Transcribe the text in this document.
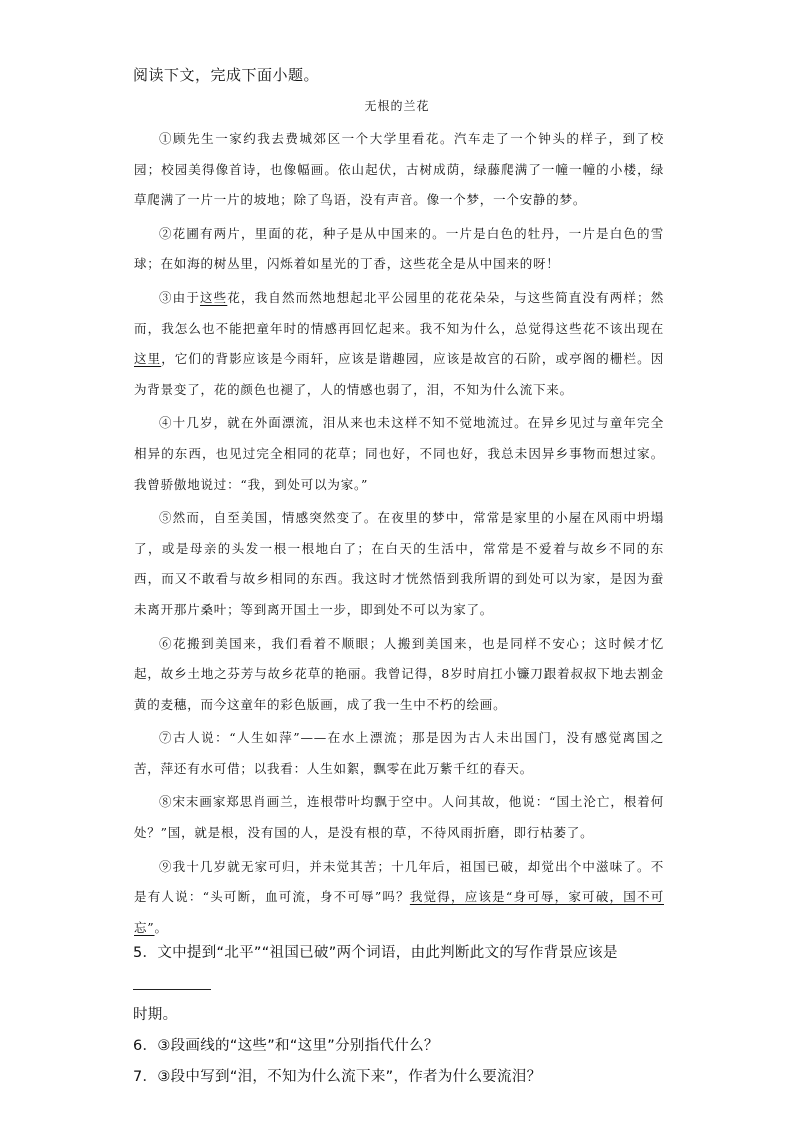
阅读下文，完成下面小题。
无根的兰花

①顾先生一家约我去费城郊区一个大学里看花。汽车走了一个钟头的样子，到了校园；校园美得像首诗，也像幅画。依山起伏，古树成荫，绿藤爬满了一幢一幢的小楼，绿草爬满了一片一片的坡地；除了鸟语，没有声音。像一个梦，一个安静的梦。

②花圃有两片，里面的花，种子是从中国来的。一片是白色的牡丹，一片是白色的雪球；在如海的树丛里，闪烁着如星光的丁香，这些花全是从中国来的呀！

③由于这些花，我自然而然地想起北平公园里的花花朵朵，与这些简直没有两样；然而，我怎么也不能把童年时的情感再回忆起来。我不知为什么，总觉得这些花不该出现在这里，它们的背影应该是今雨轩，应该是谐趣园，应该是故宫的石阶，或亭阁的栅栏。因为背景变了，花的颜色也褪了，人的情感也弱了，泪，不知为什么流下来。

④十几岁，就在外面漂流，泪从来也未这样不知不觉地流过。在异乡见过与童年完全相异的东西，也见过完全相同的花草；同也好，不同也好，我总未因异乡事物而想过家。我曾骄傲地说过：“我，到处可以为家。”

⑤然而，自至美国，情感突然变了。在夜里的梦中，常常是家里的小屋在风雨中坍塌了，或是母亲的头发一根一根地白了；在白天的生活中，常常是不爱着与故乡不同的东西，而又不敢看与故乡相同的东西。我这时才恍然悟到我所谓的到处可以为家，是因为蚕未离开那片桑叶；等到离开国土一步，即到处不可以为家了。

⑥花搬到美国来，我们看着不顺眼；人搬到美国来，也是同样不安心；这时候才忆起，故乡土地之芬芳与故乡花草的艳丽。我曾记得，8岁时肩扛小镰刀跟着叔叔下地去割金黄的麦穗，而今这童年的彩色版画，成了我一生中不朽的绘画。

⑦古人说：“人生如萍”——在水上漂流；那是因为古人未出国门，没有感觉离国之苦，萍还有水可借；以我看：人生如絮，飘零在此万紫千红的春天。

⑧宋末画家郑思肖画兰，连根带叶均飘于空中。人问其故，他说：“国土沦亡，根着何处？”国，就是根，没有国的人，是没有根的草，不待风雨折磨，即行枯萎了。

⑨我十几岁就无家可归，并未觉其苦；十几年后，祖国已破，却觉出个中滋味了。不是有人说：“头可断，血可流，身不可辱”吗？我觉得，应该是“身可辱，家可破，国不可忘”。

5．文中提到“北平”“祖国已破”两个词语，由此判断此文的写作背景应该是
时期。

6．③段画线的“这些”和“这里”分别指代什么？

7．③段中写到“泪，不知为什么流下来”，作者为什么要流泪？
